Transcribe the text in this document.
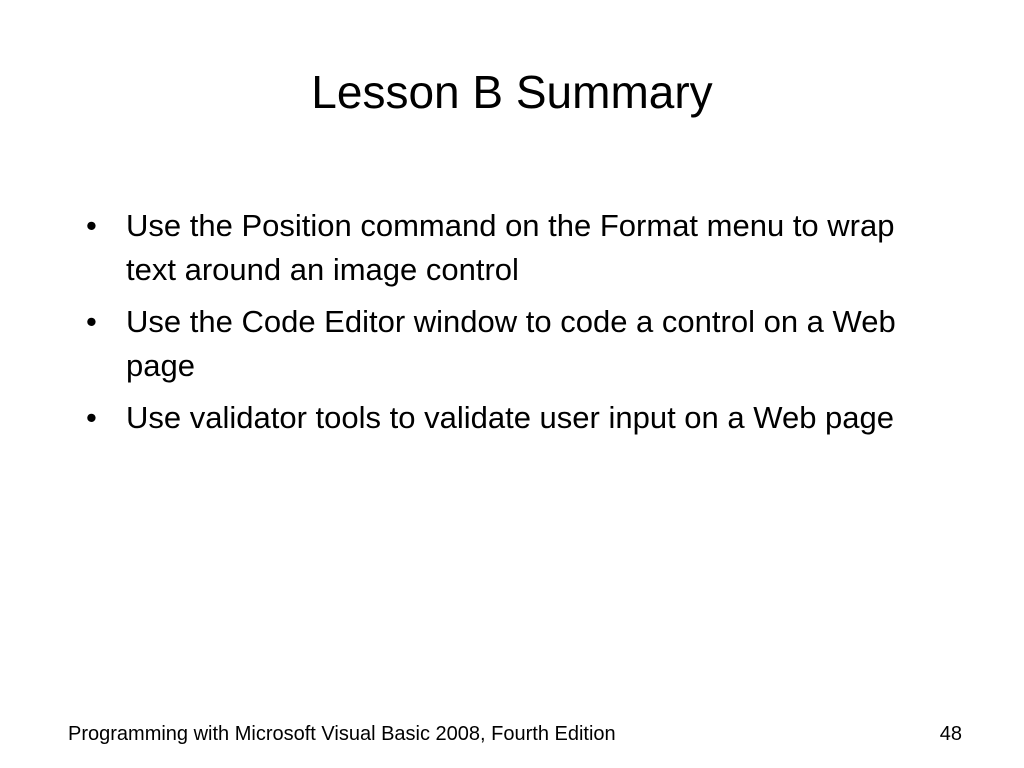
Lesson B Summary
• Use the Position command on the Format menu to wrap text around an image control
• Use the Code Editor window to code a control on a Web page
• Use validator tools to validate user input on a Web page
Programming with Microsoft Visual Basic 2008, Fourth Edition	48
